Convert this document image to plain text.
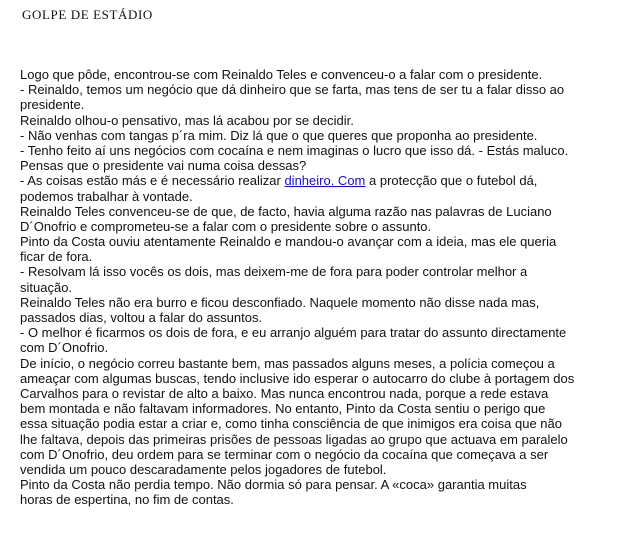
GOLPE DE ESTÁDIO
Logo que pôde, encontrou-se com Reinaldo Teles e convenceu-o a falar com o presidente.
- Reinaldo, temos um negócio que dá dinheiro que se farta, mas tens de ser tu a falar disso ao
presidente.
Reinaldo olhou-o pensativo, mas lá acabou por se decidir.
- Não venhas com tangas p´ra mim. Diz lá que o que queres que proponha ao presidente.
- Tenho feito aí uns negócios com cocaína e nem imaginas o lucro que isso dá. - Estás maluco.
Pensas que o presidente vai numa coisa dessas?
- As coisas estão más e é necessário realizar dinheiro. Com a protecção que o futebol dá,
podemos trabalhar à vontade.
Reinaldo Teles convenceu-se de que, de facto, havia alguma razão nas palavras de Luciano
D´Onofrio e comprometeu-se a falar com o presidente sobre o assunto.
Pinto da Costa ouviu atentamente Reinaldo e mandou-o avançar com a ideia, mas ele queria
ficar de fora.
- Resolvam lá isso vocês os dois, mas deixem-me de fora para poder controlar melhor a
situação.
Reinaldo Teles não era burro e ficou desconfiado. Naquele momento não disse nada mas,
passados dias, voltou a falar do assuntos.
- O melhor é ficarmos os dois de fora, e eu arranjo alguém para tratar do assunto directamente
com D´Onofrio.
De início, o negócio correu bastante bem, mas passados alguns meses, a polícia começou a
ameaçar com algumas buscas, tendo inclusive ido esperar o autocarro do clube à portagem dos
Carvalhos para o revistar de alto a baixo. Mas nunca encontrou nada, porque a rede estava
bem montada e não faltavam informadores. No entanto, Pinto da Costa sentiu o perigo que
essa situação podia estar a criar e, como tinha consciência de que inimigos era coisa que não
lhe faltava, depois das primeiras prisões de pessoas ligadas ao grupo que actuava em paralelo
com D´Onofrio, deu ordem para se terminar com o negócio da cocaína que começava a ser
vendida um pouco descaradamente pelos jogadores de futebol.
Pinto da Costa não perdia tempo. Não dormia só para pensar. A «coca» garantia muitas
horas de espertina, no fim de contas.
